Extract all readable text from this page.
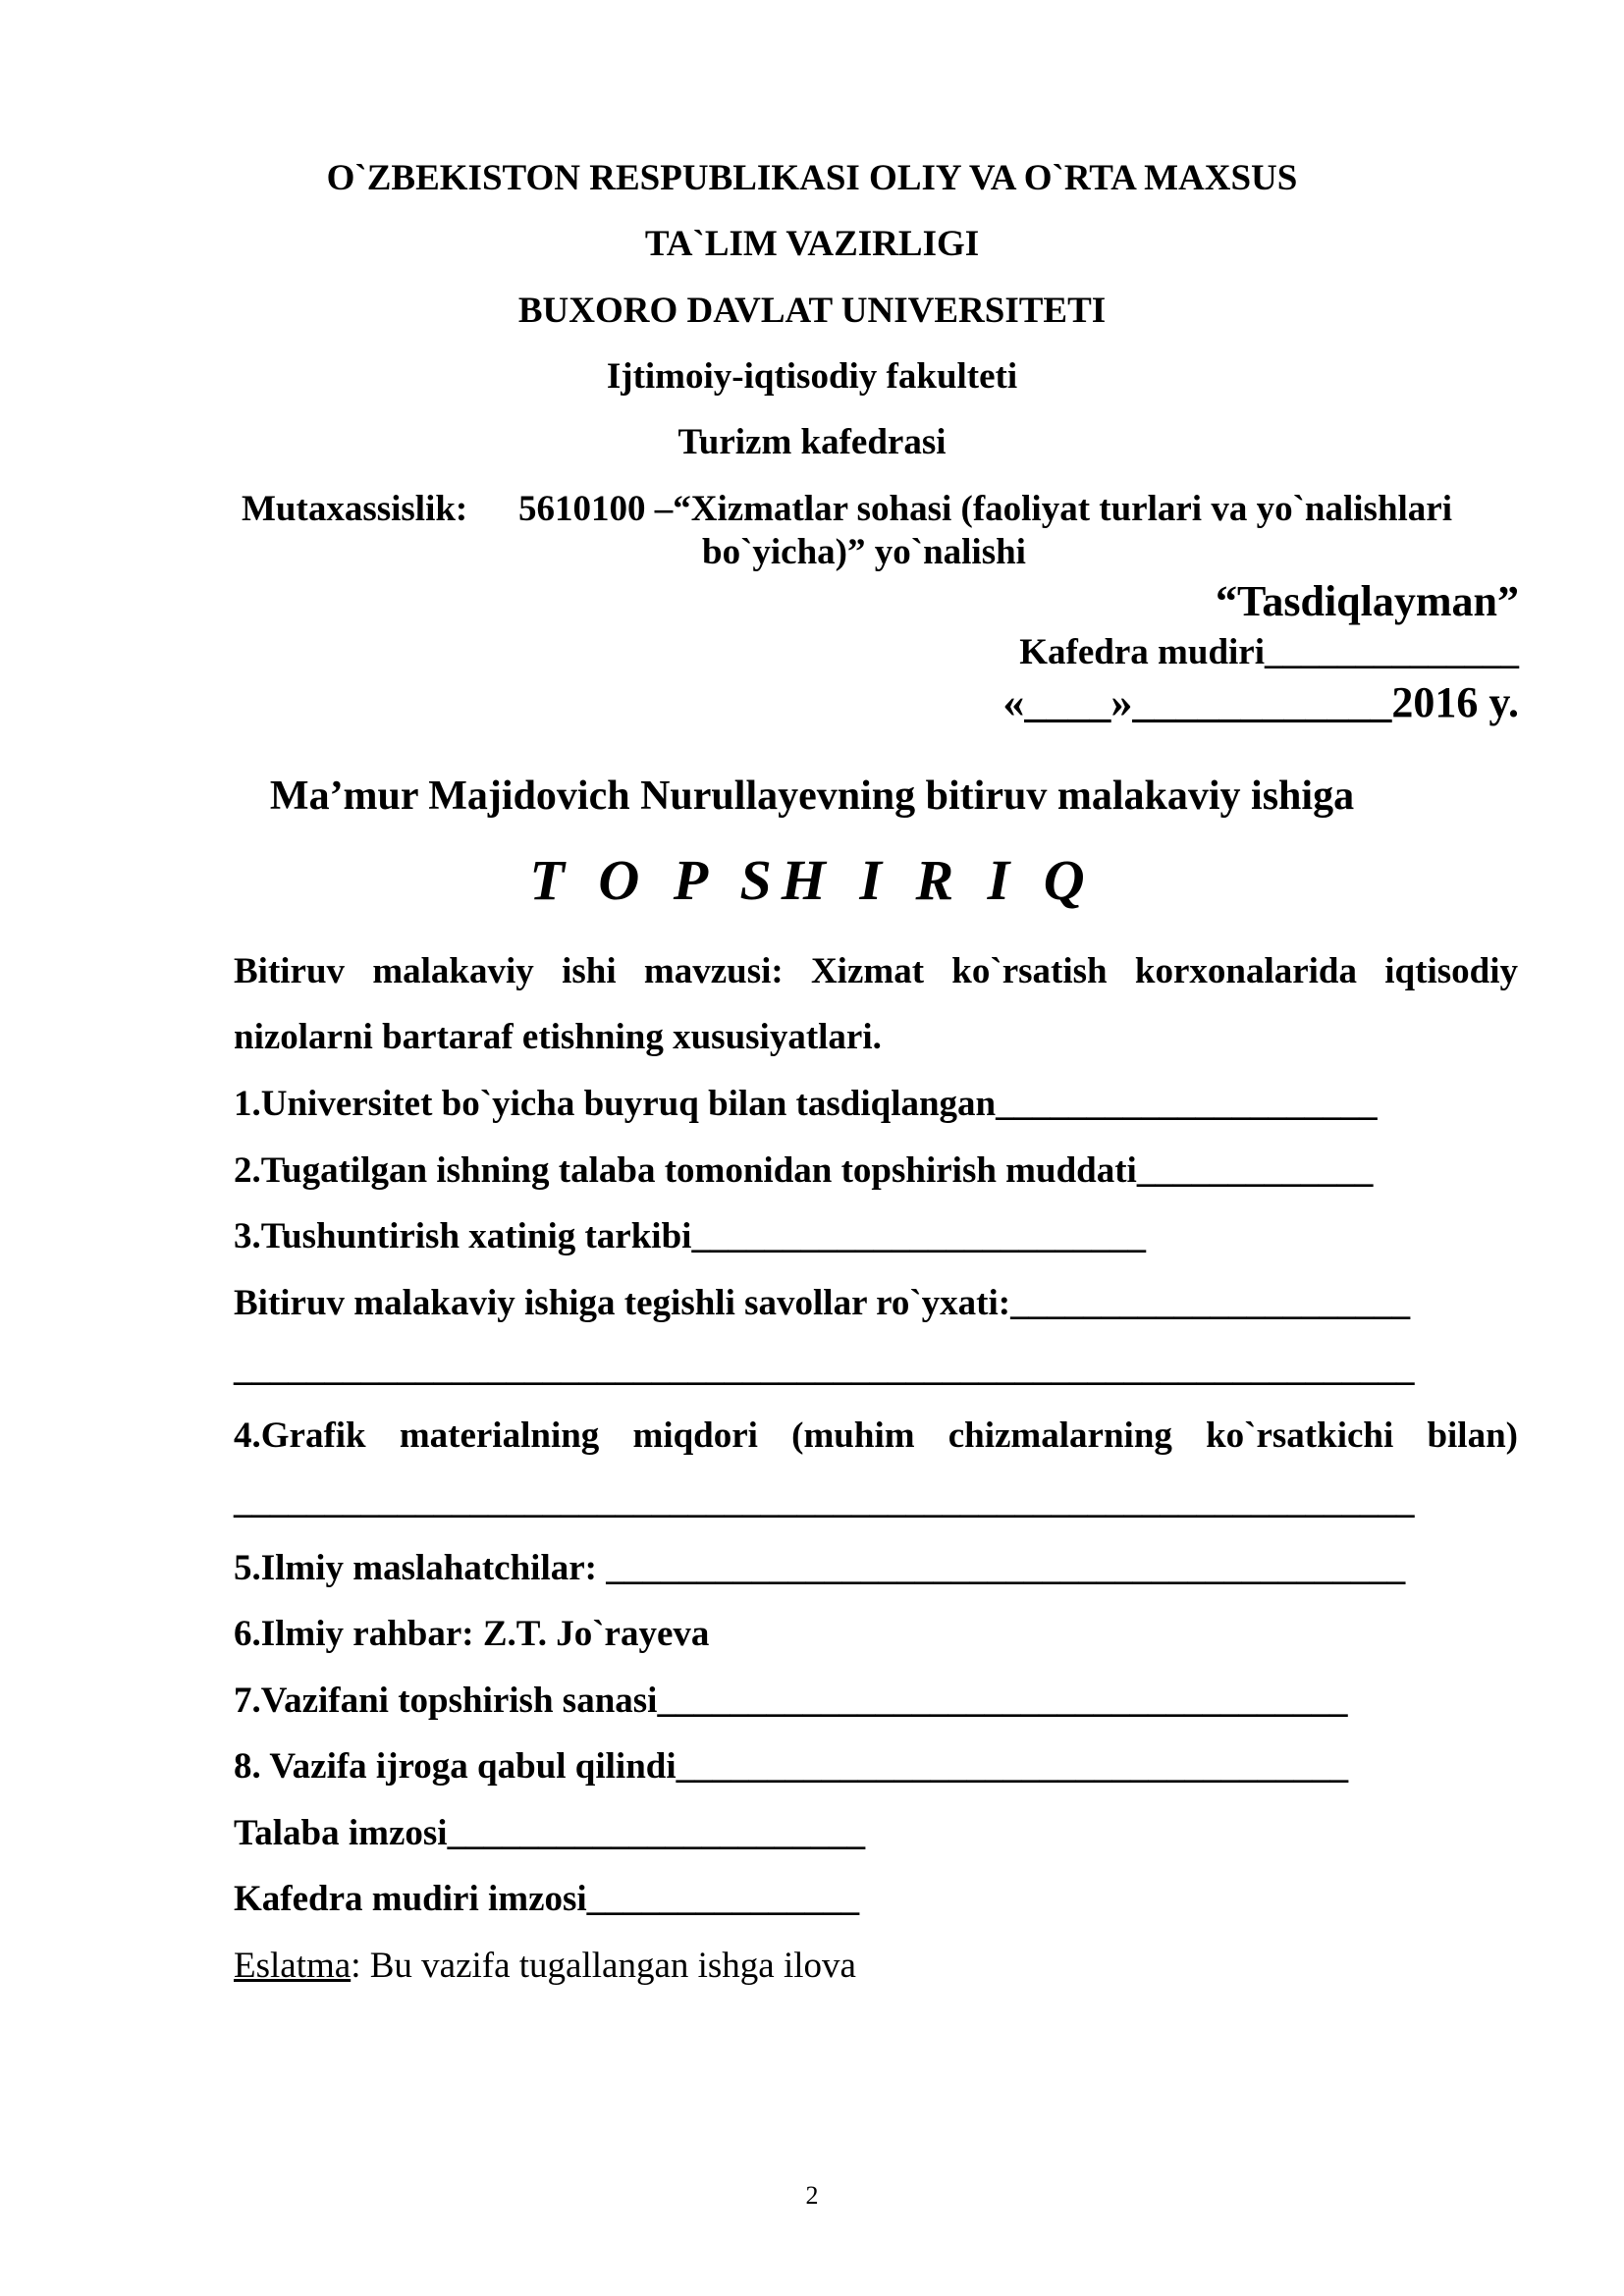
O`ZBEKISTON RESPUBLIKASI OLIY VA O`RTA MAXSUS
TA`LIM VAZIRLIGI
BUXORO DAVLAT UNIVERSITETI
Ijtimoiy-iqtisodiy fakulteti
Turizm kafedrasi
Mutaxassislik: 5610100 –“Xizmatlar sohasi (faoliyat turlari va yo`nalishlari
bo`yicha)” yo`nalishi
“Tasdiqlayman”
Kafedra mudiri______________
«____»____________2016 y.
Ma’mur Majidovich Nurullayevning bitiruv malakaviy ishiga
T O P SH I R I Q
Bitiruv malakaviy ishi mavzusi: Xizmat ko`rsatish korxonalarida iqtisodiy
nizolarni bartaraf etishning xususiyatlari.
1.Universitet bo`yicha buyruq bilan tasdiqlangan_____________________
2.Tugatilgan ishning talaba tomonidan topshirish muddati_____________
3.Tushuntirish xatinig tarkibi_________________________
Bitiruv malakaviy ishiga tegishli savollar ro`yxati:______________________
_________________________________________________________________
4.Grafik materialning miqdori (muhim chizmalarning ko`rsatkichi bilan)
_________________________________________________________________
5.Ilmiy maslahatchilar: ____________________________________________
6.Ilmiy rahbar: Z.T. Jo`rayeva
7.Vazifani topshirish sanasi______________________________________
8. Vazifa ijroga qabul qilindi_____________________________________
Talaba imzosi_______________________
Kafedra mudiri imzosi_______________
Eslatma: Bu vazifa tugallangan ishga ilova
2
